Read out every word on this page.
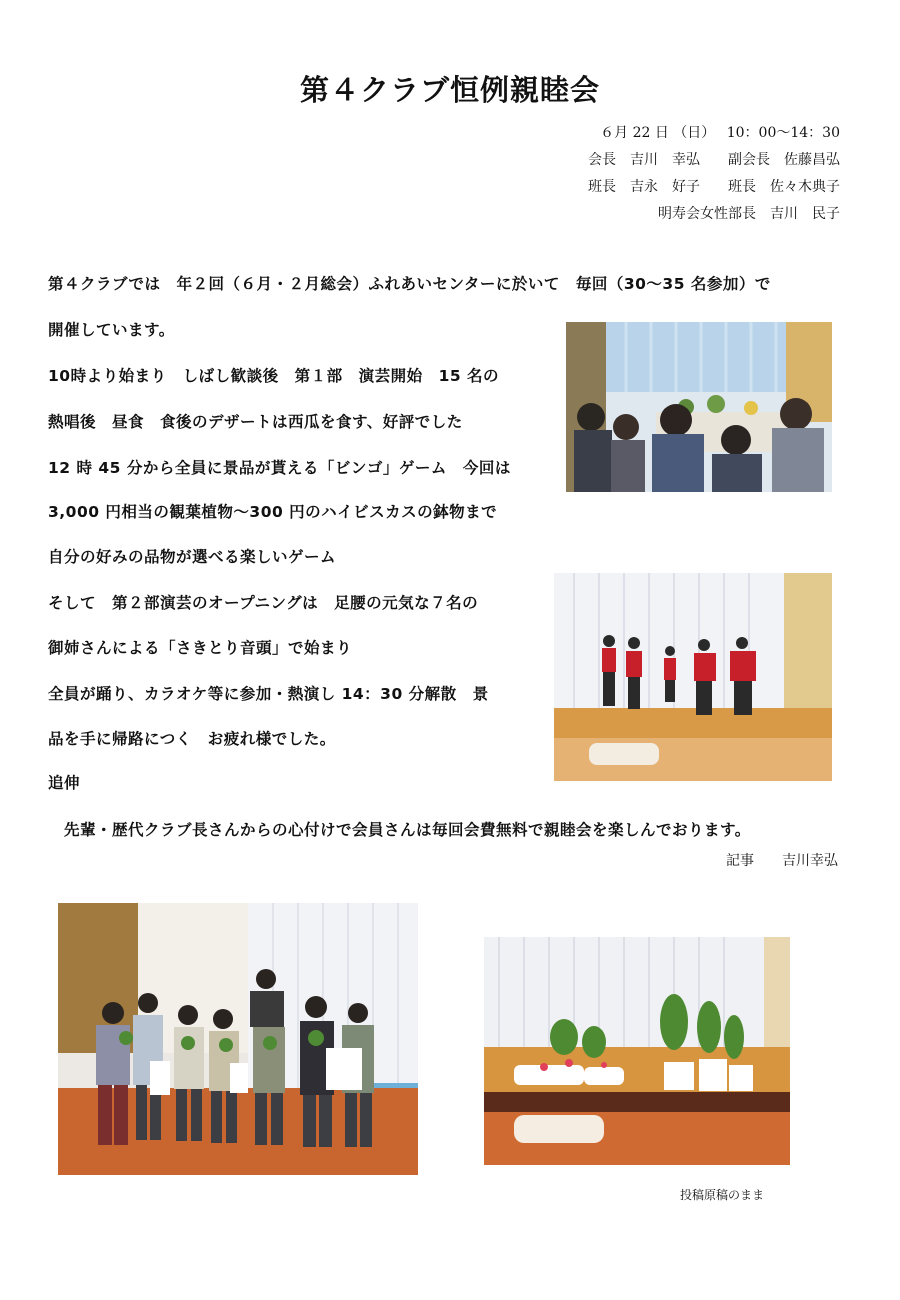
第４クラブ恒例親睦会
６月 22 日 （日）　 10：00～14：30
会長　吉川　幸弘　　副会長　佐藤昌弘
班長　吉永　好子　　班長　佐々木典子
明寿会女性部長　吉川　民子
第４クラブでは　年２回（６月・２月総会）ふれあいセンターに於いて　毎回（30～35 名参加）で
開催しています。
10時より始まり　しばし歓談後　第１部　演芸開始　15 名の
熱唱後　昼食　食後のデザートは西瓜を食す、好評でした
12 時 45 分から全員に景品が貰える「ビンゴ」ゲーム　今回は
3,000 円相当の観葉植物～300 円のハイビスカスの鉢物まで
自分の好みの品物が選べる楽しいゲーム
そして　第２部演芸のオープニングは　足腰の元気な７名の
御姉さんによる「さきとり音頭」で始まり
全員が踊り、カラオケ等に参加・熱演し 14：30 分解散　景
品を手に帰路につく　お疲れ様でした。
追伸
先輩・歴代クラブ長さんからの心付けで会員さんは毎回会費無料で親睦会を楽しんでおります。
記事　　吉川幸弘
投稿原稿のまま
